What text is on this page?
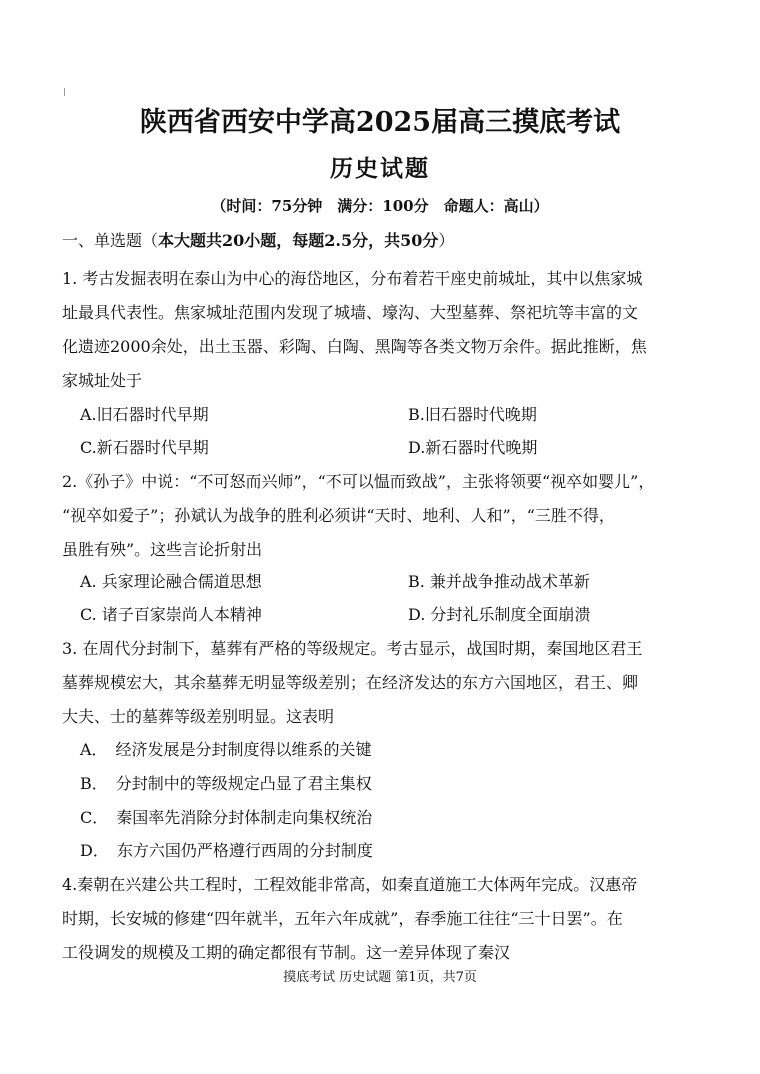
陕西省西安中学高2025届高三摸底考试
历史试题
（时间：75分钟　满分：100分　命题人：高山）
一、单选题（本大题共20小题，每题2.5分，共50分）
1. 考古发掘表明在泰山为中心的海岱地区，分布着若干座史前城址，其中以焦家城
址最具代表性。焦家城址范围内发现了城墙、壕沟、大型墓葬、祭祀坑等丰富的文
化遗迹2000余处，出土玉器、彩陶、白陶、黑陶等各类文物万余件。据此推断，焦
家城址处于
A.旧石器时代早期	B.旧石器时代晚期
C.新石器时代早期	D.新石器时代晚期
2.《孙子》中说：“不可怒而兴师”，“不可以愠而致战”，主张将领要“视卒如婴儿”，
“视卒如爱子”；孙斌认为战争的胜利必须讲“天时、地利、人和”，“三胜不得，
虽胜有殃”。这些言论折射出
A. 兵家理论融合儒道思想	B. 兼并战争推动战术革新
C. 诸子百家崇尚人本精神	D. 分封礼乐制度全面崩溃
3. 在周代分封制下，墓葬有严格的等级规定。考古显示，战国时期，秦国地区君王
墓葬规模宏大，其余墓葬无明显等级差别；在经济发达的东方六国地区，君王、卿
大夫、士的墓葬等级差别明显。这表明
A．　经济发展是分封制度得以维系的关键
B．　分封制中的等级规定凸显了君主集权
C．　秦国率先消除分封体制走向集权统治
D．　东方六国仍严格遵行西周的分封制度
4.秦朝在兴建公共工程时，工程效能非常高，如秦直道施工大体两年完成。汉惠帝
时期，长安城的修建“四年就半，五年六年成就”，春季施工往往“三十日罢”。在
工役调发的规模及工期的确定都很有节制。这一差异体现了秦汉
摸底考试 历史试题 第1页，共7页
